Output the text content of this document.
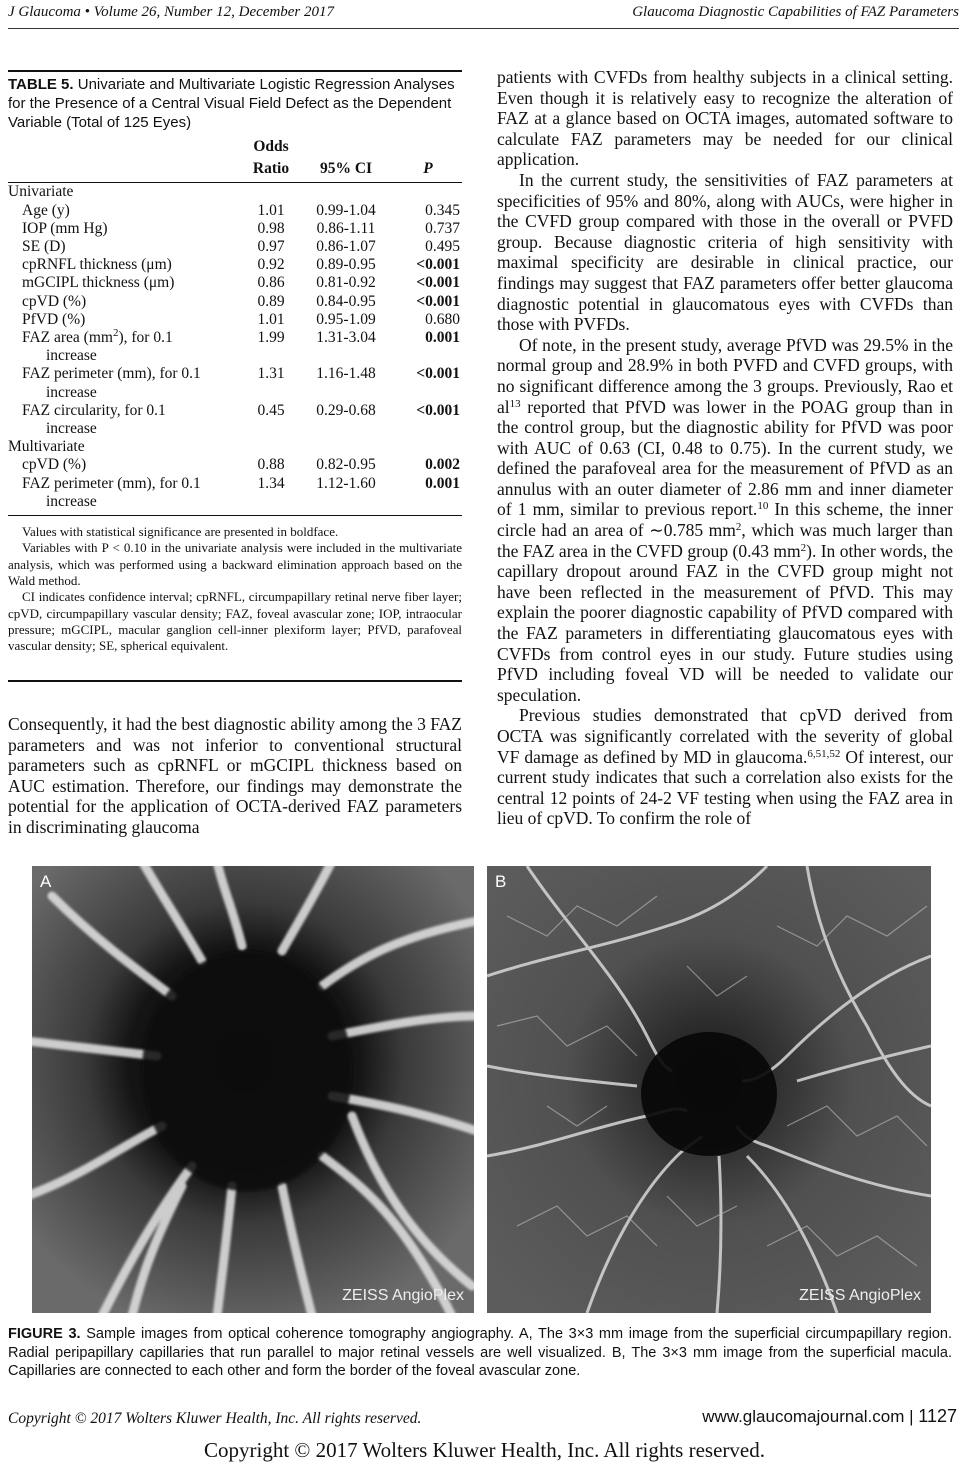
J Glaucoma • Volume 26, Number 12, December 2017	Glaucoma Diagnostic Capabilities of FAZ Parameters
TABLE 5. Univariate and Multivariate Logistic Regression Analyses for the Presence of a Central Visual Field Defect as the Dependent Variable (Total of 125 Eyes)
	Odds		
	Ratio	95% CI	P
Univariate			
Age (y)	1.01	0.99-1.04	0.345
IOP (mm Hg)	0.98	0.86-1.11	0.737
SE (D)	0.97	0.86-1.07	0.495
cpRNFL thickness (μm)	0.92	0.89-0.95	<0.001
mGCIPL thickness (μm)	0.86	0.81-0.92	<0.001
cpVD (%)	0.89	0.84-0.95	<0.001
PfVD (%)	1.01	0.95-1.09	0.680
FAZ area $(mm^2)$, for 0.1
increase	1.99	1.31-3.04	0.001
FAZ perimeter (mm), for 0.1
increase	1.31	1.16-1.48	<0.001
FAZ circularity, for 0.1
increase	0.45	0.29-0.68	<0.001
Multivariate			
cpVD (%)	0.88	0.82-0.95	0.002
FAZ perimeter (mm), for 0.1
increase	1.34	1.12-1.60	0.001

Values with statistical significance are presented in boldface.

Variables with P < 0.10 in the univariate analysis were included in the multivariate analysis, which was performed using a backward elimination approach based on the Wald method.

CI indicates confidence interval; cpRNFL, circumpapillary retinal nerve fiber layer; cpVD, circumpapillary vascular density; FAZ, foveal avascular zone; IOP, intraocular pressure; mGCIPL, macular ganglion cell-inner plexiform layer; PfVD, parafoveal vascular density; SE, spherical equivalent.

Consequently, it had the best diagnostic ability among the 3 FAZ parameters and was not inferior to conventional structural parameters such as cpRNFL or mGCIPL thickness based on AUC estimation. Therefore, our findings may demonstrate the potential for the application of OCTA-derived FAZ parameters in discriminating glaucoma

patients with CVFDs from healthy subjects in a clinical setting. Even though it is relatively easy to recognize the alteration of FAZ at a glance based on OCTA images, automated software to calculate FAZ parameters may be needed for our clinical application.

In the current study, the sensitivities of FAZ parameters at specificities of 95% and 80%, along with AUCs, were higher in the CVFD group compared with those in the overall or PVFD group. Because diagnostic criteria of high sensitivity with maximal specificity are desirable in clinical practice, our findings may suggest that FAZ parameters offer better glaucoma diagnostic potential in glaucomatous eyes with CVFDs than those with PVFDs.

Of note, in the present study, average PfVD was 29.5% in the normal group and 28.9% in both PVFD and CVFD groups, with no significant difference among the 3 groups. Previously, Rao et $al^{13}$ reported that PfVD was lower in the POAG group than in the control group, but the diagnostic ability for PfVD was poor with AUC of 0.63 (CI, 0.48 to 0.75). In the current study, we defined the parafoveal area for the measurement of PfVD as an annulus with an outer diameter of 2.86 mm and inner diameter of 1 mm, similar to previous report.$^{10}$ In this scheme, the inner circle had an area of ∼0.785 $mm^2$, which was much larger than the FAZ area in the CVFD group (0.43 $mm^2$). In other words, the capillary dropout around FAZ in the CVFD group might not have been reflected in the measurement of PfVD. This may explain the poorer diagnostic capability of PfVD compared with the FAZ parameters in differentiating glaucomatous eyes with CVFDs from control eyes in our study. Future studies using PfVD including foveal VD will be needed to validate our speculation.

Previous studies demonstrated that cpVD derived from OCTA was significantly correlated with the severity of global VF damage as defined by MD in glaucoma.$^{6,51,52}$ Of interest, our current study indicates that such a correlation also exists for the central 12 points of 24-2 VF testing when using the FAZ area in lieu of cpVD. To confirm the role of

A
ZEISS AngioPlex
B
ZEISS AngioPlex
FIGURE 3. Sample images from optical coherence tomography angiography. A, The 3×3 mm image from the superficial circumpapillary region. Radial peripapillary capillaries that run parallel to major retinal vessels are well visualized. B, The 3×3 mm image from the superficial macula. Capillaries are connected to each other and form the border of the foveal avascular zone.
Copyright © 2017 Wolters Kluwer Health, Inc. All rights reserved.	www.glaucomajournal.com | 1127
Copyright © 2017 Wolters Kluwer Health, Inc. All rights reserved.
